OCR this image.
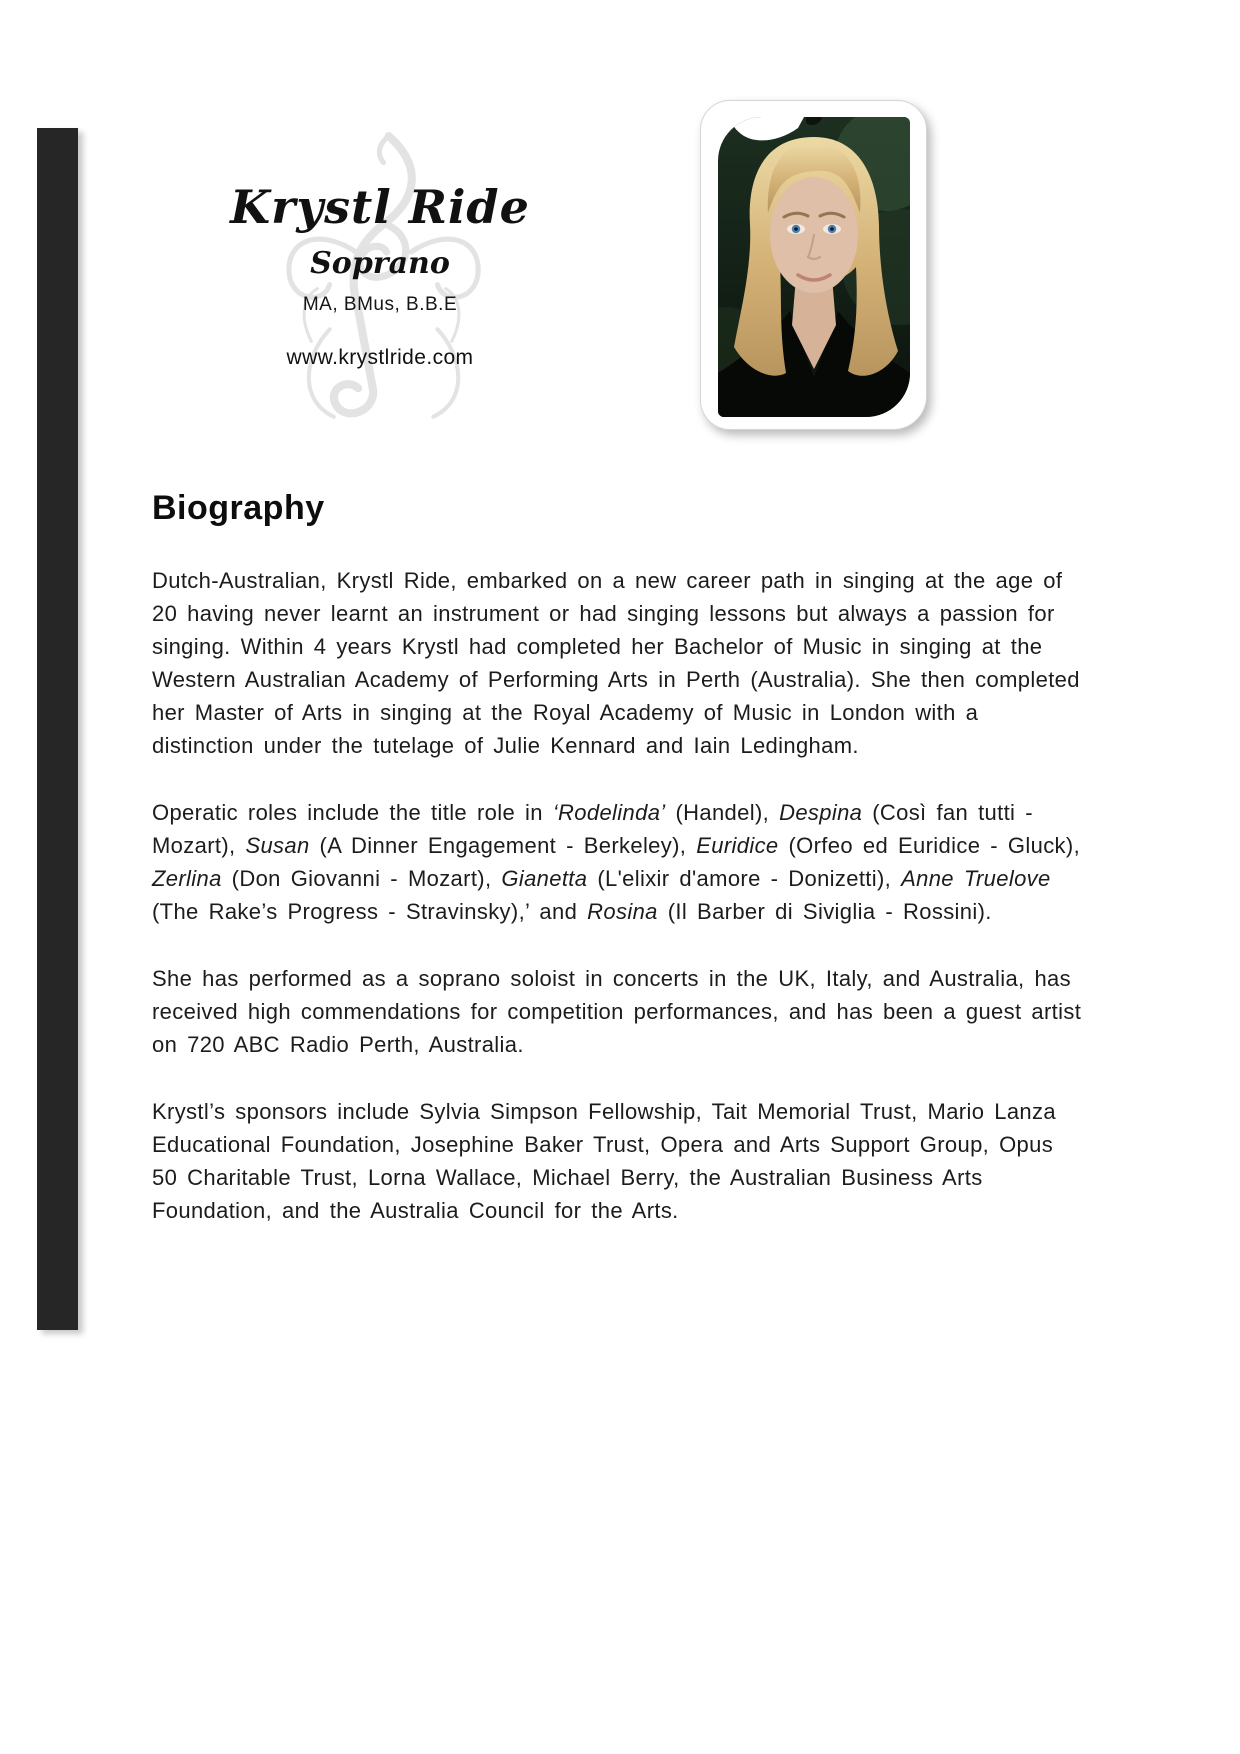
Krystl Ride
Soprano
MA, BMus, B.B.E
www.krystlride.com
Biography

Dutch-Australian, Krystl Ride, embarked on a new career path in singing at the age of 20 having never learnt an instrument or had singing lessons but always a passion for singing. Within 4 years Krystl had completed her Bachelor of Music in singing at the Western Australian Academy of Performing Arts in Perth (Australia). She then completed her Master of Arts in singing at the Royal Academy of Music in London with a distinction under the tutelage of Julie Kennard and Iain Ledingham.

Operatic roles include the title role in ‘Rodelinda’ (Handel), Despina (Così fan tutti - Mozart), Susan (A Dinner Engagement - Berkeley), Euridice (Orfeo ed Euridice - Gluck), Zerlina (Don Giovanni - Mozart), Gianetta (L'elixir d'amore - Donizetti), Anne Truelove (The Rake’s Progress - Stravinsky),’ and Rosina (Il Barber di Siviglia - Rossini).

She has performed as a soprano soloist in concerts in the UK, Italy, and Australia, has received high commendations for competition performances, and has been a guest artist on 720 ABC Radio Perth, Australia.

Krystl’s sponsors include Sylvia Simpson Fellowship, Tait Memorial Trust, Mario Lanza Educational Foundation, Josephine Baker Trust, Opera and Arts Support Group, Opus 50 Charitable Trust, Lorna Wallace, Michael Berry, the Australian Business Arts Foundation, and the Australia Council for the Arts.
